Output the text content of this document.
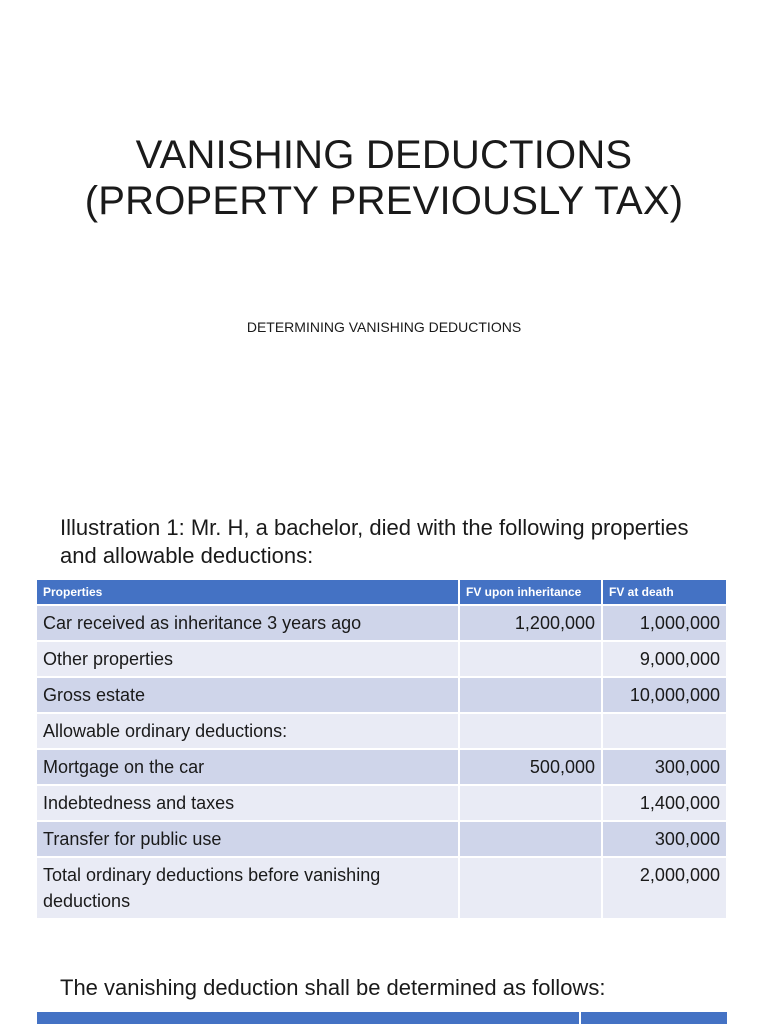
VANISHING DEDUCTIONS
(PROPERTY PREVIOUSLY TAX)
DETERMINING VANISHING DEDUCTIONS
Illustration 1: Mr. H, a bachelor, died with the following properties and allowable deductions:
Properties	FV upon inheritance	FV at death
Car received as inheritance 3 years ago	1,200,000	1,000,000
Other properties		9,000,000
Gross estate		10,000,000
Allowable ordinary deductions:		
Mortgage on the car	500,000	300,000
Indebtedness and taxes		1,400,000
Transfer for public use		300,000
Total ordinary deductions before vanishing deductions		2,000,000
The vanishing deduction shall be determined as follows:
